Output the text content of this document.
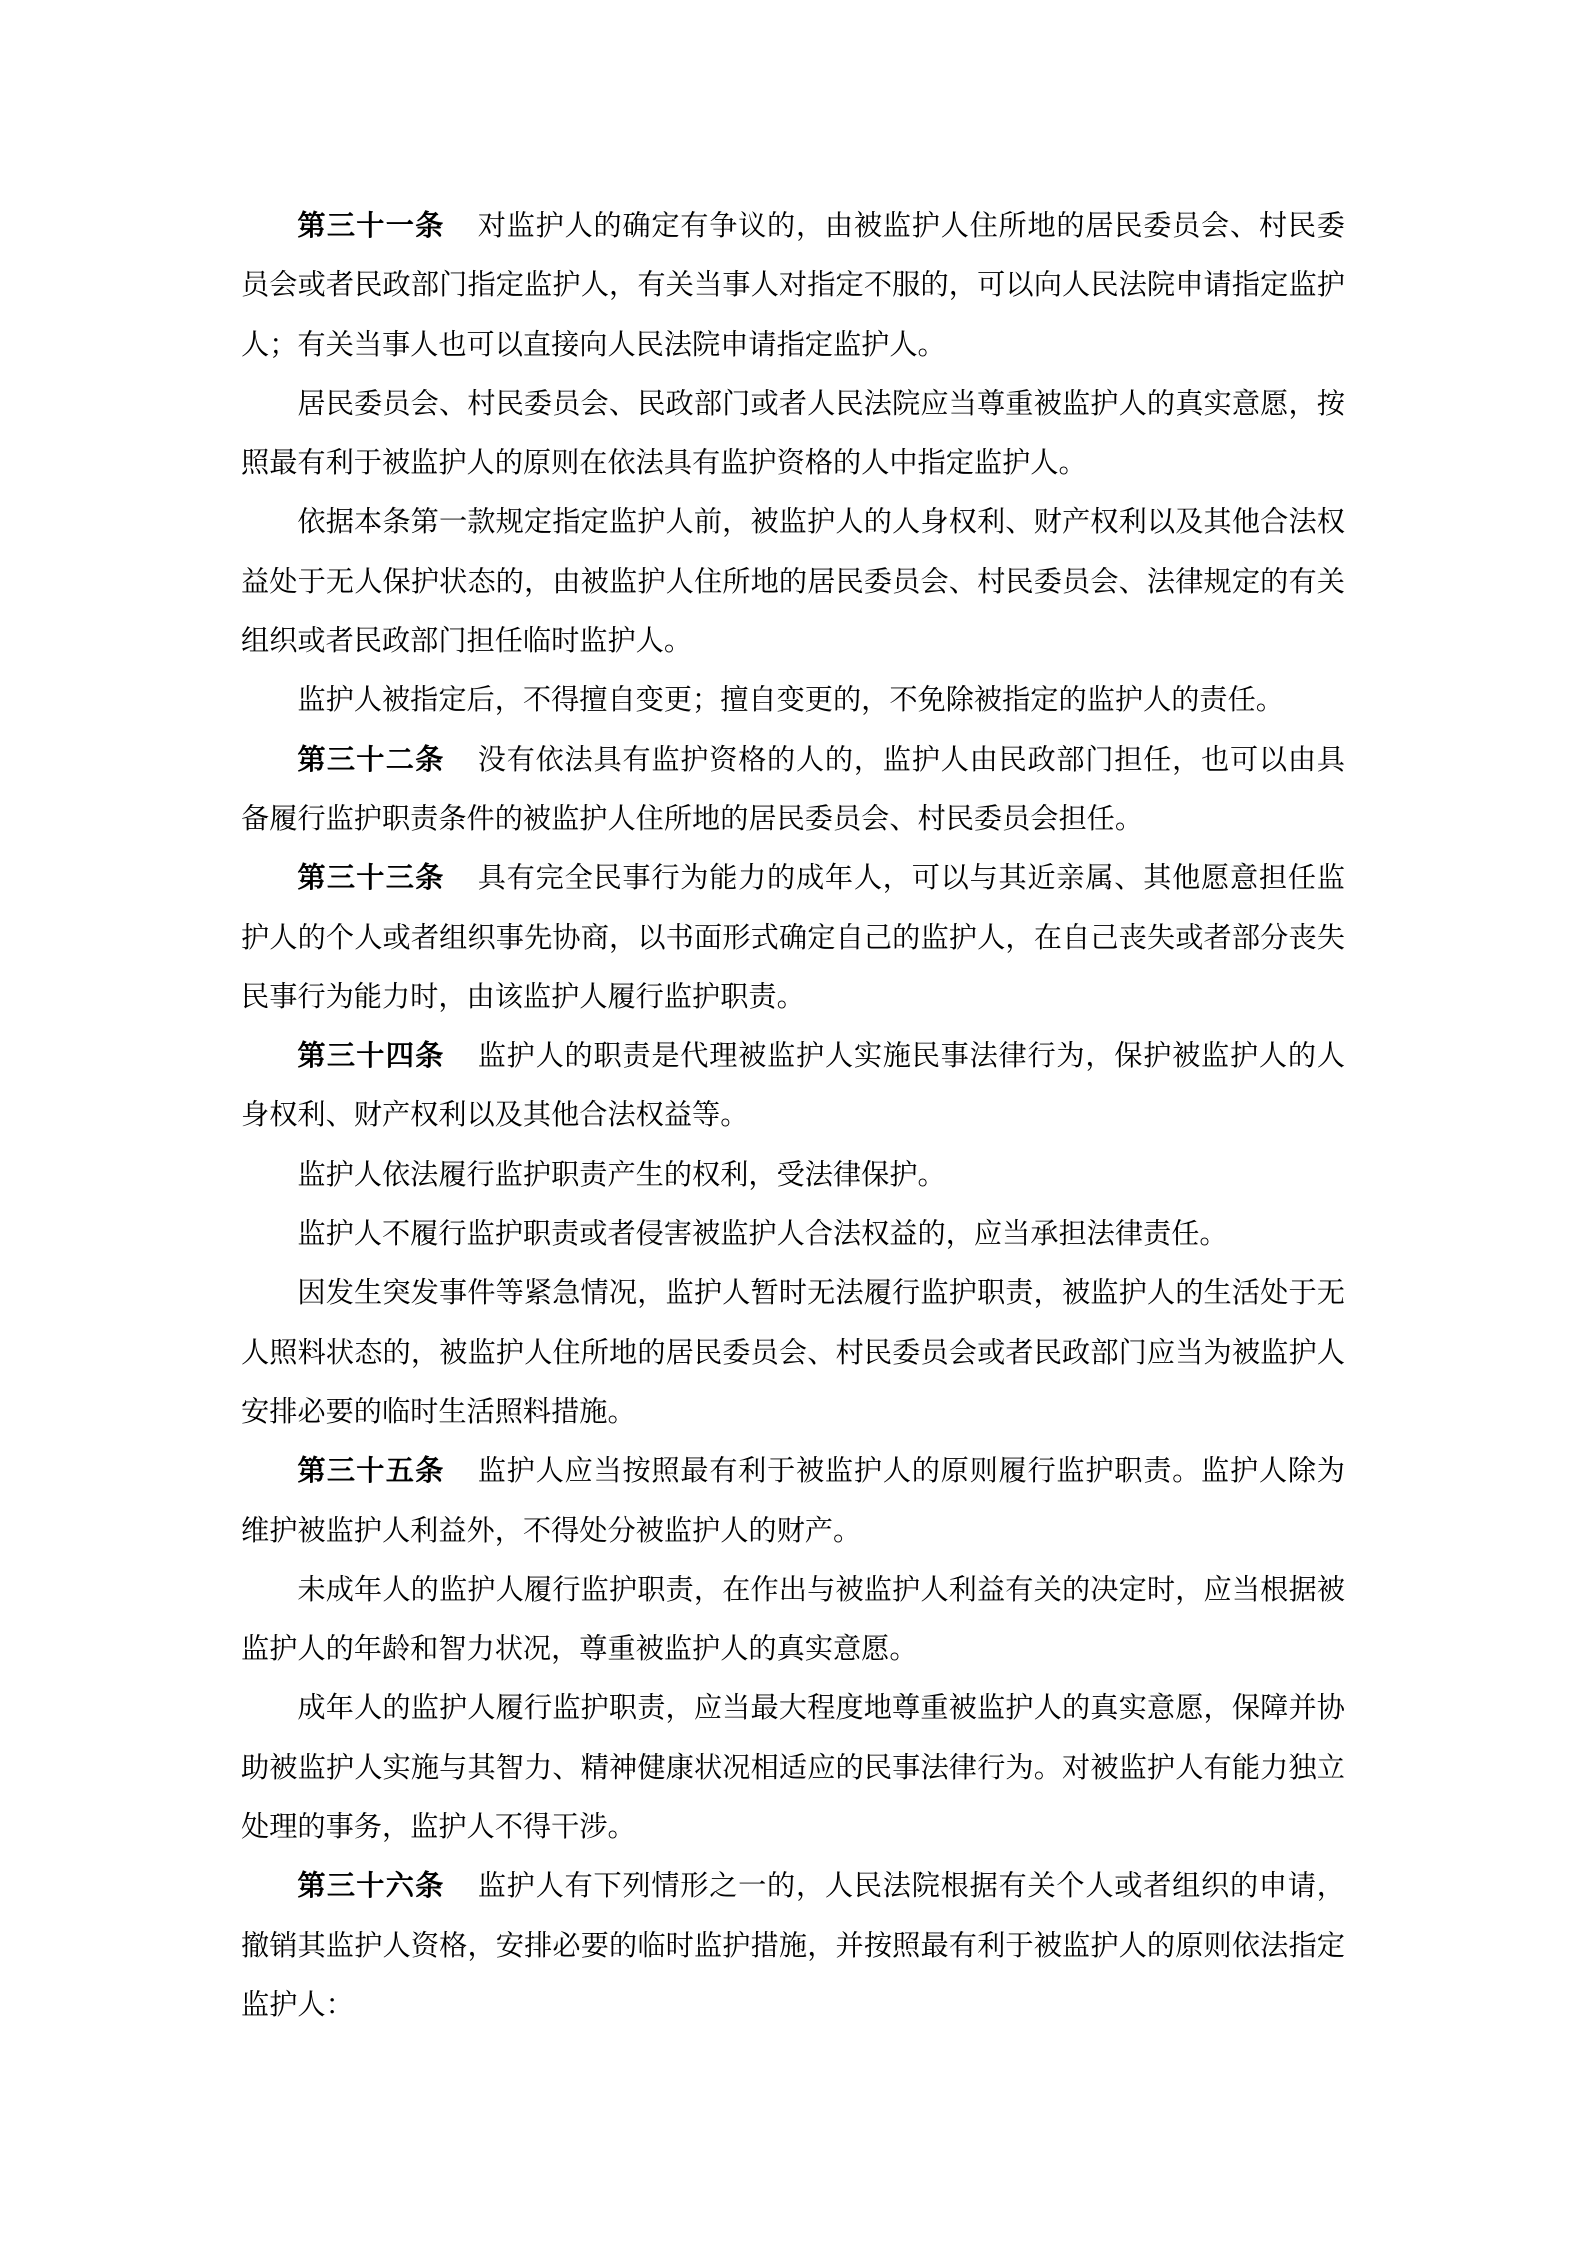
第三十一条 对监护人的确定有争议的，由被监护人住所地的居民委员会、村民委员会或者民政部门指定监护人，有关当事人对指定不服的，可以向人民法院申请指定监护人；有关当事人也可以直接向人民法院申请指定监护人。

居民委员会、村民委员会、民政部门或者人民法院应当尊重被监护人的真实意愿，按照最有利于被监护人的原则在依法具有监护资格的人中指定监护人。

依据本条第一款规定指定监护人前，被监护人的人身权利、财产权利以及其他合法权益处于无人保护状态的，由被监护人住所地的居民委员会、村民委员会、法律规定的有关组织或者民政部门担任临时监护人。

监护人被指定后，不得擅自变更；擅自变更的，不免除被指定的监护人的责任。

第三十二条 没有依法具有监护资格的人的，监护人由民政部门担任，也可以由具备履行监护职责条件的被监护人住所地的居民委员会、村民委员会担任。

第三十三条 具有完全民事行为能力的成年人，可以与其近亲属、其他愿意担任监护人的个人或者组织事先协商，以书面形式确定自己的监护人，在自己丧失或者部分丧失民事行为能力时，由该监护人履行监护职责。

第三十四条 监护人的职责是代理被监护人实施民事法律行为，保护被监护人的人身权利、财产权利以及其他合法权益等。

监护人依法履行监护职责产生的权利，受法律保护。

监护人不履行监护职责或者侵害被监护人合法权益的，应当承担法律责任。

因发生突发事件等紧急情况，监护人暂时无法履行监护职责，被监护人的生活处于无人照料状态的，被监护人住所地的居民委员会、村民委员会或者民政部门应当为被监护人安排必要的临时生活照料措施。

第三十五条 监护人应当按照最有利于被监护人的原则履行监护职责。监护人除为维护被监护人利益外，不得处分被监护人的财产。

未成年人的监护人履行监护职责，在作出与被监护人利益有关的决定时，应当根据被监护人的年龄和智力状况，尊重被监护人的真实意愿。

成年人的监护人履行监护职责，应当最大程度地尊重被监护人的真实意愿，保障并协助被监护人实施与其智力、精神健康状况相适应的民事法律行为。对被监护人有能力独立处理的事务，监护人不得干涉。

第三十六条 监护人有下列情形之一的，人民法院根据有关个人或者组织的申请，撤销其监护人资格，安排必要的临时监护措施，并按照最有利于被监护人的原则依法指定监护人：
